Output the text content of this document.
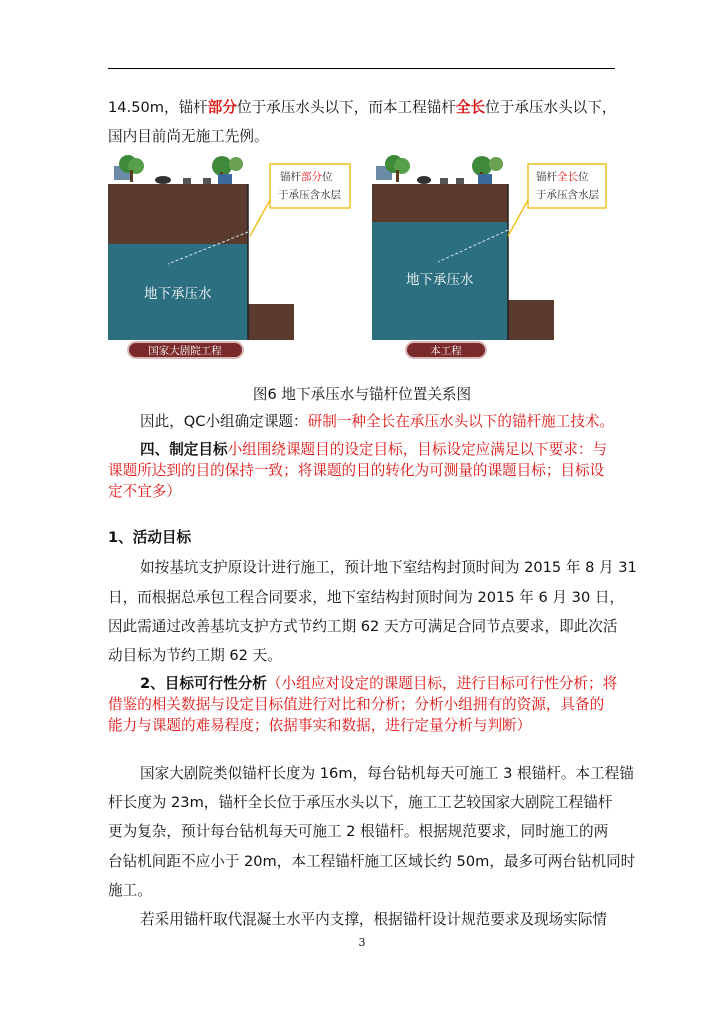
14.50m，锚杆部分位于承压水头以下，而本工程锚杆全长位于承压水头以下，
国内目前尚无施工先例。
地下承压水
国家大剧院工程
锚杆部分位
于承压含水层
地下承压水
本工程
锚杆全长位
于承压含水层
图6 地下承压水与锚杆位置关系图
因此，QC小组确定课题：研制一种全长在承压水头以下的锚杆施工技术。
四、制定目标小组围绕课题目的设定目标，目标设定应满足以下要求：与
课题所达到的目的保持一致；将课题的目的转化为可测量的课题目标；目标设
定不宜多）
1、活动目标
如按基坑支护原设计进行施工，预计地下室结构封顶时间为 2015 年 8 月 31
日，而根据总承包工程合同要求，地下室结构封顶时间为 2015 年 6 月 30 日，
因此需通过改善基坑支护方式节约工期 62 天方可满足合同节点要求，即此次活
动目标为节约工期 62 天。
2、目标可行性分析（小组应对设定的课题目标，进行目标可行性分析；将
借鉴的相关数据与设定目标值进行对比和分析；分析小组拥有的资源，具备的
能力与课题的难易程度；依据事实和数据，进行定量分析与判断）
国家大剧院类似锚杆长度为 16m，每台钻机每天可施工 3 根锚杆。本工程锚
杆长度为 23m，锚杆全长位于承压水头以下，施工工艺较国家大剧院工程锚杆
更为复杂，预计每台钻机每天可施工 2 根锚杆。根据规范要求，同时施工的两
台钻机间距不应小于 20m，本工程锚杆施工区域长约 50m，最多可两台钻机同时
施工。
若采用锚杆取代混凝土水平内支撑，根据锚杆设计规范要求及现场实际情
3
